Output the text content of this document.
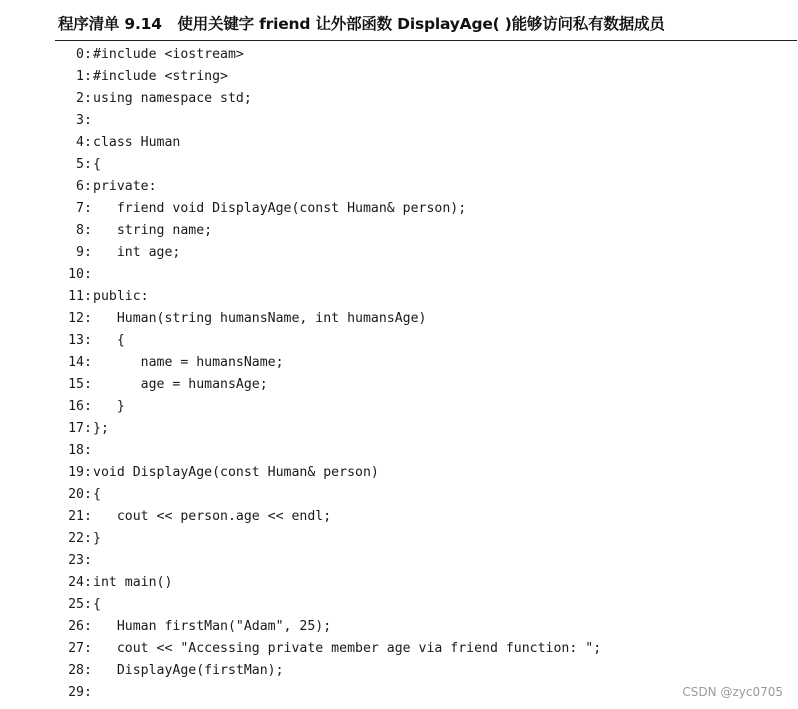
程序清单 9.14   使用关键字 friend 让外部函数 DisplayAge( )能够访问私有数据成员
0 : #include <iostream>
1 : #include <string>
2 : using namespace std;
3 :
4 : class Human
5 : {
6 : private:
7 : friend void DisplayAge(const Human& person);
8 : string name;
9 : int age;
10 :
11 : public:
12 : Human(string humansName, int humansAge)
13 : {
14 : name = humansName;
15 : age = humansAge;
16 : }
17 : };
18 :
19 : void DisplayAge(const Human& person)
20 : {
21 : cout << person.age << endl;
22 : }
23 :
24 : int main()
25 : {
26 : Human firstMan("Adam", 25);
27 : cout << "Accessing private member age via friend function: ";
28 : DisplayAge(firstMan);
29 :	CSDN @zyc0705
